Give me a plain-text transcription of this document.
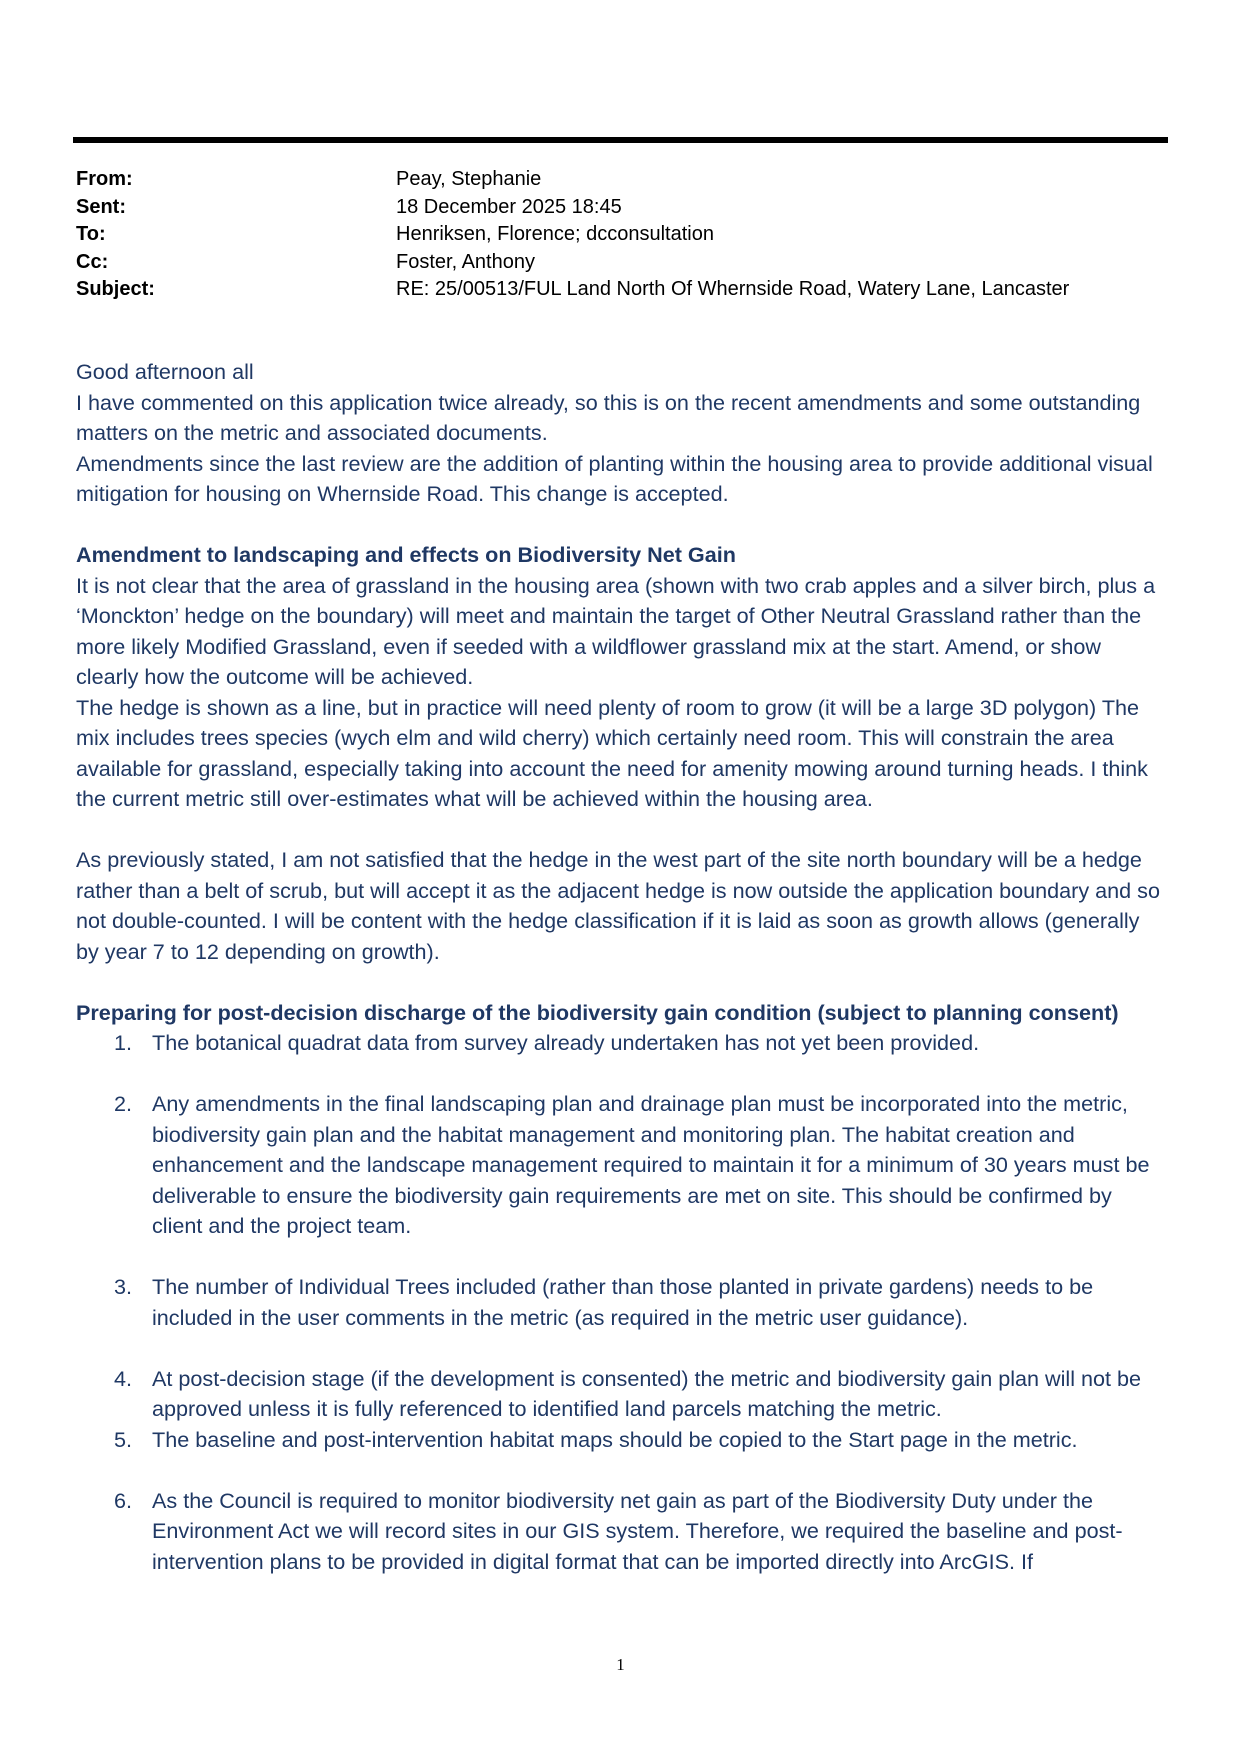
From:	Peay, Stephanie
Sent:	18 December 2025 18:45
To:	Henriksen, Florence; dcconsultation
Cc:	Foster, Anthony
Subject:	RE: 25/00513/FUL Land North Of Whernside Road, Watery Lane, Lancaster

Good afternoon all

I have commented on this application twice already, so this is on the recent amendments and some outstanding matters on the metric and associated documents.

Amendments since the last review are the addition of planting within the housing area to provide additional visual mitigation for housing on Whernside Road. This change is accepted.

Amendment to landscaping and effects on Biodiversity Net Gain

It is not clear that the area of grassland in the housing area (shown with two crab apples and a silver birch, plus a ‘Monckton’ hedge on the boundary) will meet and maintain the target of Other Neutral Grassland rather than the more likely Modified Grassland, even if seeded with a wildflower grassland mix at the start. Amend, or show clearly how the outcome will be achieved.

The hedge is shown as a line, but in practice will need plenty of room to grow (it will be a large 3D polygon) The mix includes trees species (wych elm and wild cherry) which certainly need room. This will constrain the area available for grassland, especially taking into account the need for amenity mowing around turning heads. I think the current metric still over-estimates what will be achieved within the housing area.

As previously stated, I am not satisfied that the hedge in the west part of the site north boundary will be a hedge rather than a belt of scrub, but will accept it as the adjacent hedge is now outside the application boundary and so not double-counted. I will be content with the hedge classification if it is laid as soon as growth allows (generally by year 7 to 12 depending on growth).

Preparing for post-decision discharge of the biodiversity gain condition (subject to planning consent)

1. The botanical quadrat data from survey already undertaken has not yet been provided.
2. Any amendments in the final landscaping plan and drainage plan must be incorporated into the metric, biodiversity gain plan and the habitat management and monitoring plan. The habitat creation and enhancement and the landscape management required to maintain it for a minimum of 30 years must be deliverable to ensure the biodiversity gain requirements are met on site. This should be confirmed by client and the project team.
3. The number of Individual Trees included (rather than those planted in private gardens) needs to be included in the user comments in the metric (as required in the metric user guidance).
4. At post-decision stage (if the development is consented) the metric and biodiversity gain plan will not be approved unless it is fully referenced to identified land parcels matching the metric.
5. The baseline and post-intervention habitat maps should be copied to the Start page in the metric.
6. As the Council is required to monitor biodiversity net gain as part of the Biodiversity Duty under the Environment Act we will record sites in our GIS system. Therefore, we required the baseline and post-intervention plans to be provided in digital format that can be imported directly into ArcGIS. If
1
